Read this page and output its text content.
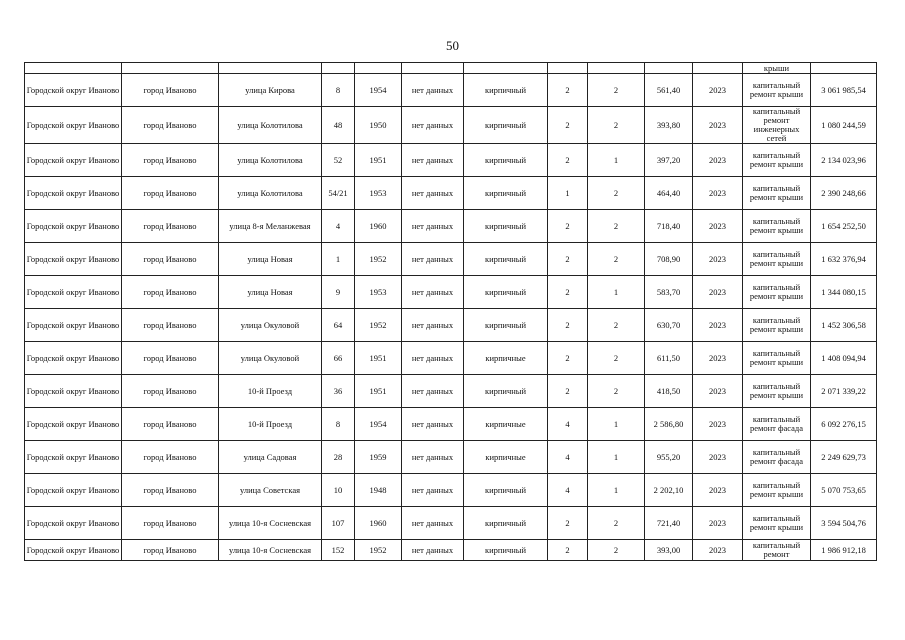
50
											крыши	

Городской округ Иваново	город Иваново	улица Кирова	8	1954	нет данных	кирпичный	2	2	561,40	2023	капитальный ремонт крыши	3 061 985,54

Городской округ Иваново	город Иваново	улица Колотилова	48	1950	нет данных	кирпичный	2	2	393,80	2023	капитальный ремонт инженерных сетей	1 080 244,59

Городской округ Иваново	город Иваново	улица Колотилова	52	1951	нет данных	кирпичный	2	1	397,20	2023	капитальный ремонт крыши	2 134 023,96

Городской округ Иваново	город Иваново	улица Колотилова	54/21	1953	нет данных	кирпичный	1	2	464,40	2023	капитальный ремонт крыши	2 390 248,66

Городской округ Иваново	город Иваново	улица 8-я Меланжевая	4	1960	нет данных	кирпичный	2	2	718,40	2023	капитальный ремонт крыши	1 654 252,50

Городской округ Иваново	город Иваново	улица Новая	1	1952	нет данных	кирпичный	2	2	708,90	2023	капитальный ремонт крыши	1 632 376,94

Городской округ Иваново	город Иваново	улица Новая	9	1953	нет данных	кирпичный	2	1	583,70	2023	капитальный ремонт крыши	1 344 080,15

Городской округ Иваново	город Иваново	улица Окуловой	64	1952	нет данных	кирпичный	2	2	630,70	2023	капитальный ремонт крыши	1 452 306,58

Городской округ Иваново	город Иваново	улица Окуловой	66	1951	нет данных	кирпичные	2	2	611,50	2023	капитальный ремонт крыши	1 408 094,94

Городской округ Иваново	город Иваново	10-й Проезд	36	1951	нет данных	кирпичный	2	2	418,50	2023	капитальный ремонт крыши	2 071 339,22

Городской округ Иваново	город Иваново	10-й Проезд	8	1954	нет данных	кирпичные	4	1	2 586,80	2023	капитальный ремонт фасада	6 092 276,15

Городской округ Иваново	город Иваново	улица Садовая	28	1959	нет данных	кирпичные	4	1	955,20	2023	капитальный ремонт фасада	2 249 629,73

Городской округ Иваново	город Иваново	улица Советская	10	1948	нет данных	кирпичный	4	1	2 202,10	2023	капитальный ремонт крыши	5 070 753,65

Городской округ Иваново	город Иваново	улица 10-я Сосневская	107	1960	нет данных	кирпичный	2	2	721,40	2023	капитальный ремонт крыши	3 594 504,76

Городской округ Иваново	город Иваново	улица 10-я Сосневская	152	1952	нет данных	кирпичный	2	2	393,00	2023	капитальный ремонт	1 986 912,18
